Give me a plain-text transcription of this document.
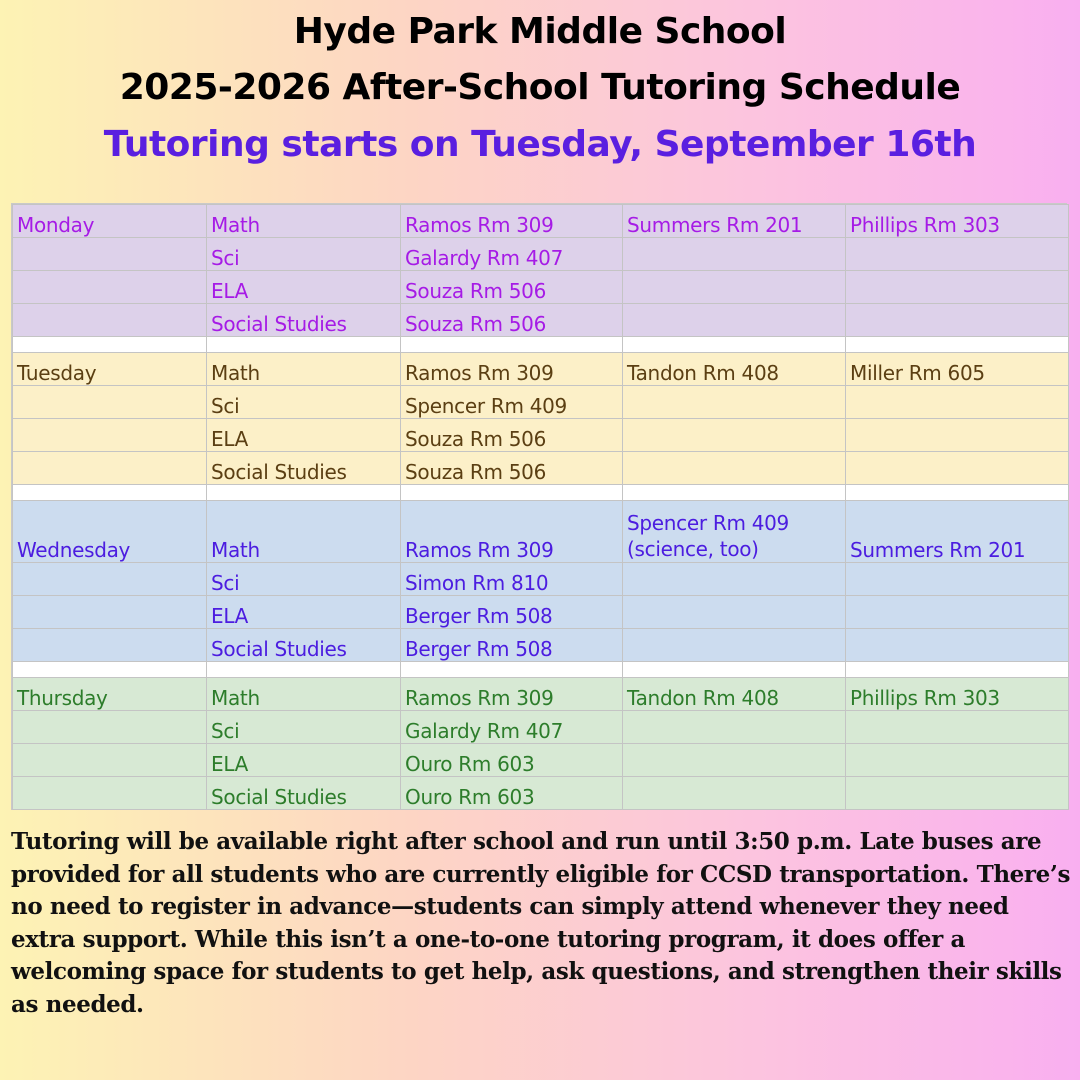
Hyde Park Middle School
2025-2026 After-School Tutoring Schedule
Tutoring starts on Tuesday, September 16th
Monday	Math	Ramos Rm 309	Summers Rm 201	Phillips Rm 303
	Sci	Galardy Rm 407		
	ELA	Souza Rm 506		
	Social Studies	Souza Rm 506		

Tuesday	Math	Ramos Rm 309	Tandon Rm 408	Miller Rm 605
	Sci	Spencer Rm 409		
	ELA	Souza Rm 506		
	Social Studies	Souza Rm 506		

Wednesday	Math	Ramos Rm 309	Spencer Rm 409 (science, too)	Summers Rm 201
	Sci	Simon Rm 810		
	ELA	Berger Rm 508		
	Social Studies	Berger Rm 508		

Thursday	Math	Ramos Rm 309	Tandon Rm 408	Phillips Rm 303
	Sci	Galardy Rm 407		
	ELA	Ouro Rm 603		
	Social Studies	Ouro Rm 603		

Tutoring will be available right after school and run until 3:50 p.m. Late buses are provided for all students who are currently eligible for CCSD transportation. There’s no need to register in advance—students can simply attend whenever they need extra support. While this isn’t a one-to-one tutoring program, it does offer a welcoming space for students to get help, ask questions, and strengthen their skills as needed.
